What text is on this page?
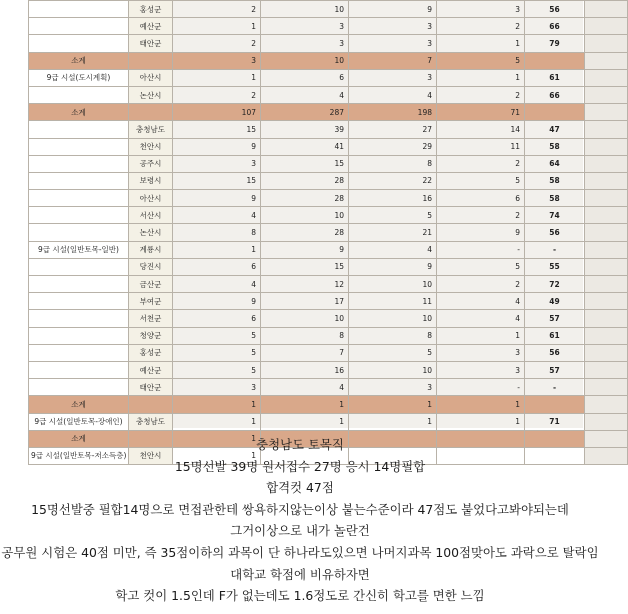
	홍성군	2	10	9	3	56	
	예산군	1	3	3	2	66	
	태안군	2	3	3	1	79	
소계		3	10	7	5		
9급 시설(도시계획)	아산시	1	6	3	1	61	
	논산시	2	4	4	2	66	
소계		107	287	198	71		
	충청남도	15	39	27	14	47	
	천안시	9	41	29	11	58	
	공주시	3	15	8	2	64	
	보령시	15	28	22	5	58	
	아산시	9	28	16	6	58	
	서산시	4	10	5	2	74	
	논산시	8	28	21	9	56	
9급 시설(일반토목-일반)	계룡시	1	9	4	-	-	
	당진시	6	15	9	5	55	
	금산군	4	12	10	2	72	
	부여군	9	17	11	4	49	
	서천군	6	10	10	4	57	
	청양군	5	8	8	1	61	
	홍성군	5	7	5	3	56	
	예산군	5	16	10	3	57	
	태안군	3	4	3	-	-	
소계		1	1	1	1		
9급 시설(일반토목-장애인)	충청남도	1	1	1	1	71	
소계		1					
9급 시설(일반토목-저소득층)	천안시	1					
충청남도 토목직
15명선발 39명 원서접수 27명 응시 14명필합
합격컷 47점
15명선발중 필합14명으로 면접관한테 쌍욕하지않는이상 붙는수준이라 47점도 붙었다고봐야되는데
그거이상으로 내가 놀란건
공무원 시험은 40점 미만, 즉 35점이하의 과목이 단 하나라도있으면 나머지과목 100점맞아도 과락으로 탈락임
대학교 학점에 비유하자면
학고 컷이 1.5인데 F가 없는데도 1.6정도로 간신히 학고를 면한 느낌
